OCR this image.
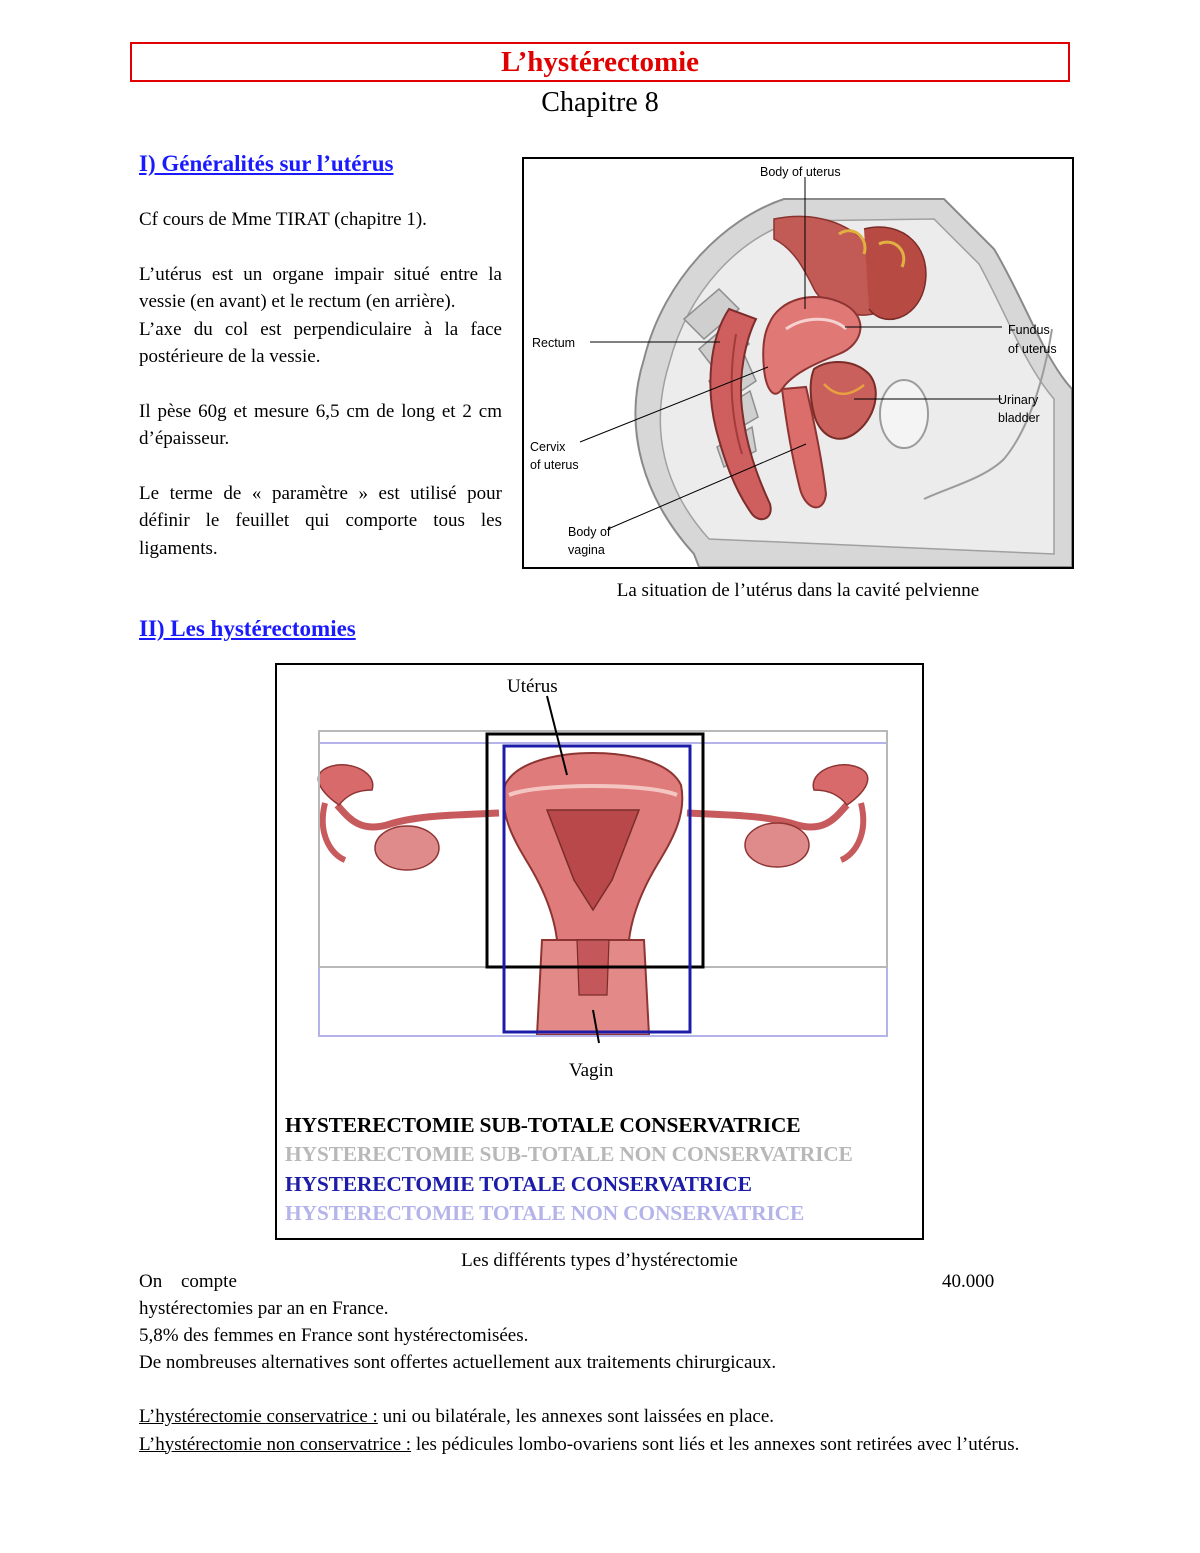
L’hystérectomie
Chapitre 8
I) Généralités sur l’utérus

Cf cours de Mme TIRAT (chapitre 1).

L’utérus est un organe impair situé entre la vessie (en avant) et le rectum (en arrière).

L’axe du col est perpendiculaire à la face postérieure de la vessie.

Il pèse 60g et mesure 6,5 cm de long et 2 cm d’épaisseur.

Le terme de « paramètre » est utilisé pour définir le feuillet qui comporte tous les ligaments.

Body of uterus
Rectum
Fundus
of uterus
Urinary
bladder
Cervix
of uterus
Body of
vagina
La situation de l’utérus dans la cavité pelvienne
II) Les hystérectomies
Utérus
Vagin
HYSTERECTOMIE SUB-TOTALE CONSERVATRICE
HYSTERECTOMIE SUB-TOTALE NON CONSERVATRICE
HYSTERECTOMIE TOTALE CONSERVATRICE
HYSTERECTOMIE TOTALE NON CONSERVATRICE
Les différents types d’hystérectomie
On compte	40.000
hystérectomies par an en France.
5,8% des femmes en France sont hystérectomisées.
De nombreuses alternatives sont offertes actuellement aux traitements chirurgicaux.
L’hystérectomie conservatrice : uni ou bilatérale, les annexes sont laissées en place.
L’hystérectomie non conservatrice : les pédicules lombo-ovariens sont liés et les annexes sont retirées avec l’utérus.
